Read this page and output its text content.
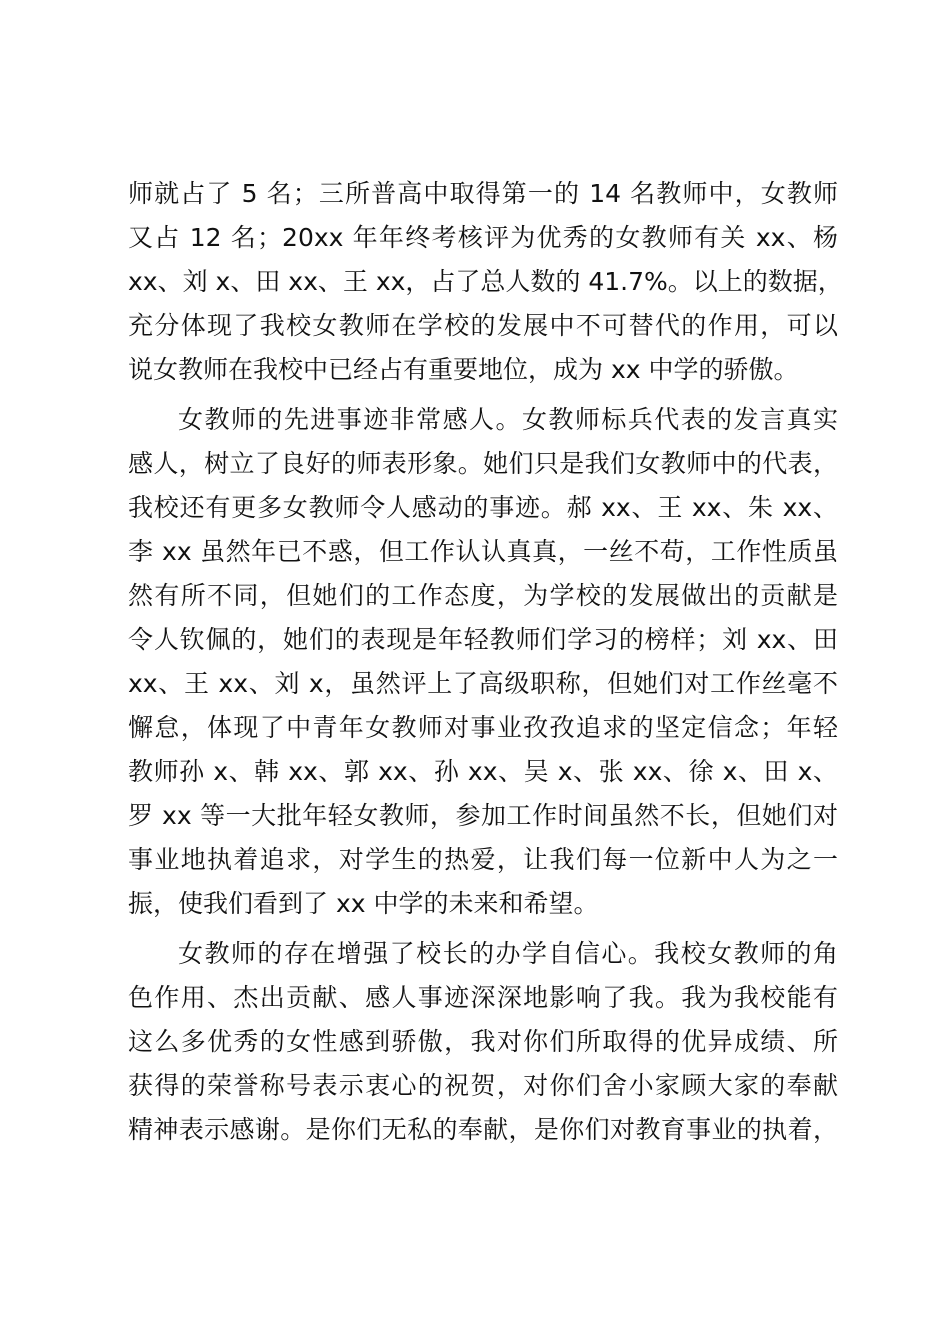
师就占了 5 名；三所普高中取得第一的 14 名教师中，女教师
又占 12 名；20xx 年年终考核评为优秀的女教师有关 xx、杨
xx、刘 x、田 xx、王 xx，占了总人数的 41.7%。以上的数据，
充分体现了我校女教师在学校的发展中不可替代的作用，可以
说女教师在我校中已经占有重要地位，成为 xx 中学的骄傲。
女教师的先进事迹非常感人。女教师标兵代表的发言真实
感人，树立了良好的师表形象。她们只是我们女教师中的代表，
我校还有更多女教师令人感动的事迹。郝 xx、王 xx、朱 xx、
李 xx 虽然年已不惑，但工作认认真真，一丝不苟，工作性质虽
然有所不同，但她们的工作态度，为学校的发展做出的贡献是
令人钦佩的，她们的表现是年轻教师们学习的榜样；刘 xx、田
xx、王 xx、刘 x，虽然评上了高级职称，但她们对工作丝毫不
懈怠，体现了中青年女教师对事业孜孜追求的坚定信念；年轻
教师孙 x、韩 xx、郭 xx、孙 xx、吴 x、张 xx、徐 x、田 x、
罗 xx 等一大批年轻女教师，参加工作时间虽然不长，但她们对
事业地执着追求，对学生的热爱，让我们每一位新中人为之一
振，使我们看到了 xx 中学的未来和希望。
女教师的存在增强了校长的办学自信心。我校女教师的角
色作用、杰出贡献、感人事迹深深地影响了我。我为我校能有
这么多优秀的女性感到骄傲，我对你们所取得的优异成绩、所
获得的荣誉称号表示衷心的祝贺，对你们舍小家顾大家的奉献
精神表示感谢。是你们无私的奉献，是你们对教育事业的执着，
